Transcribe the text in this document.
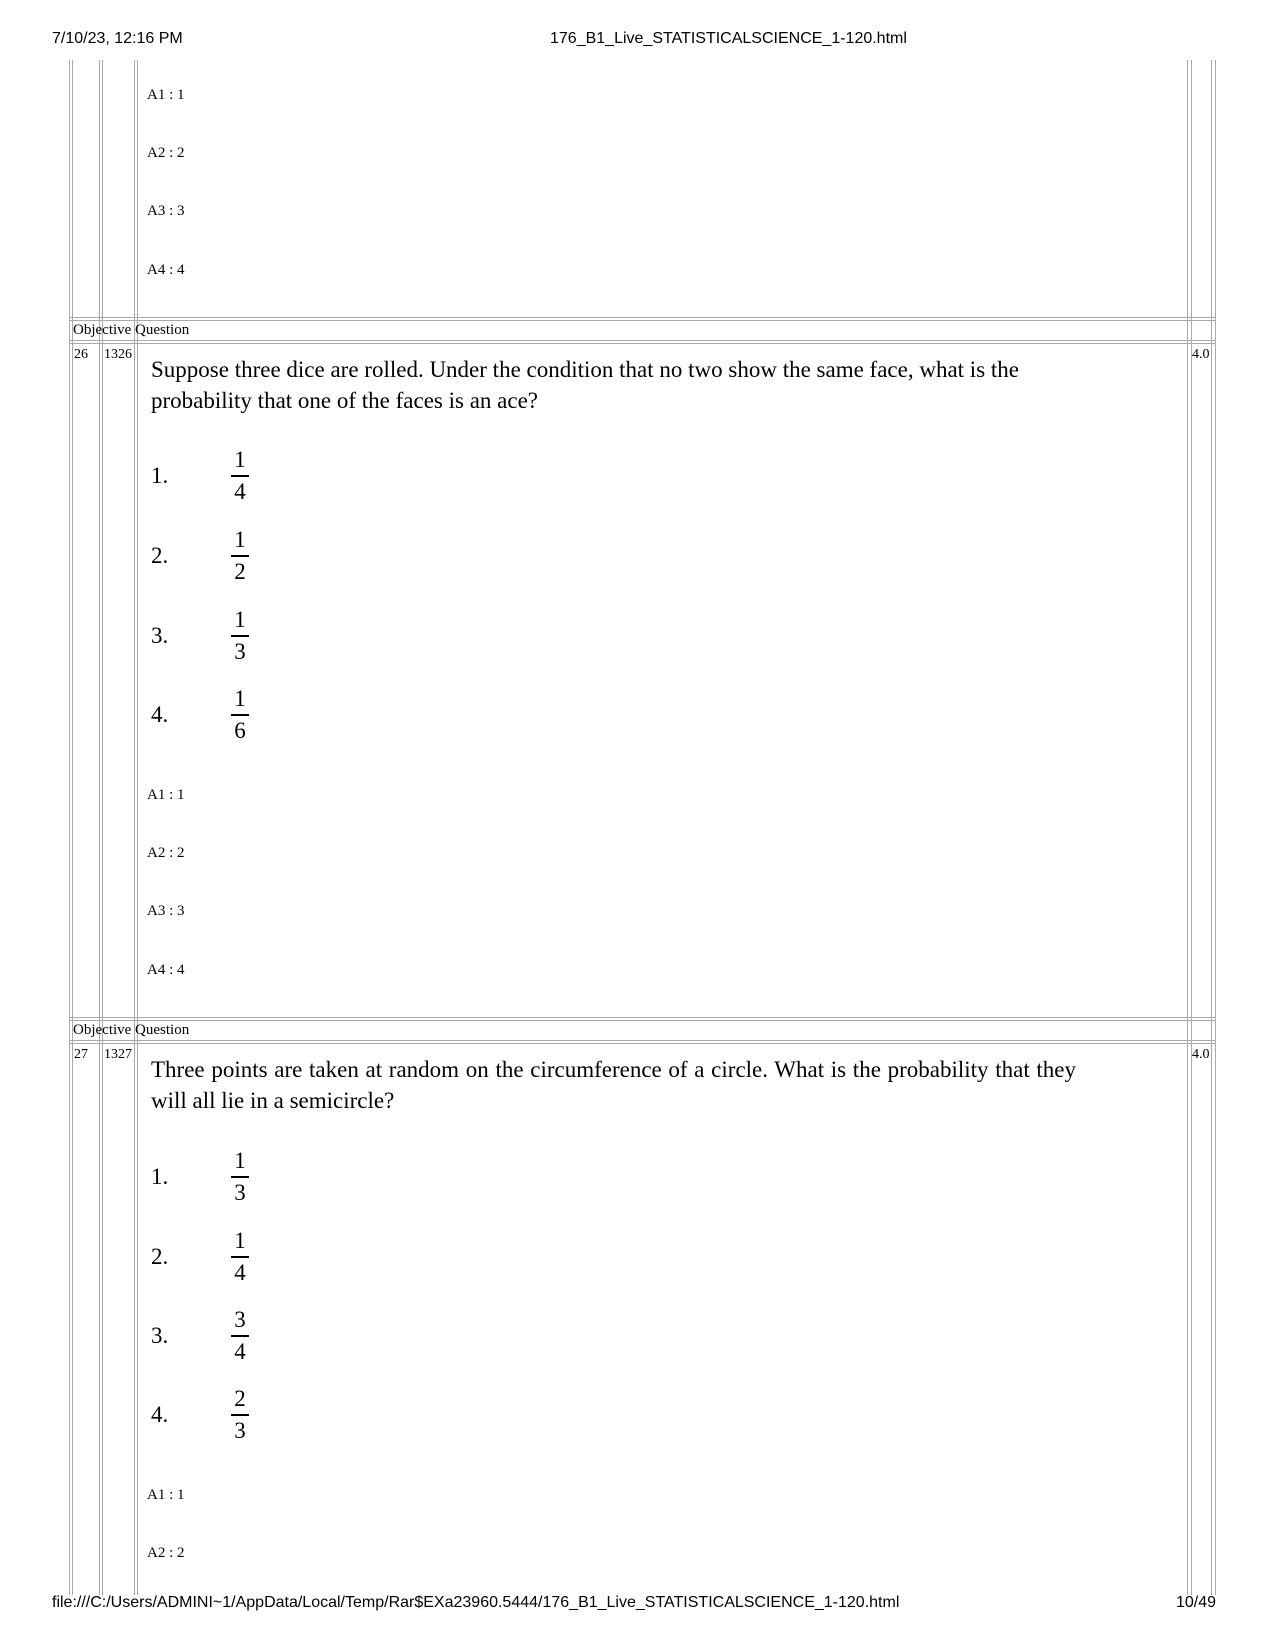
7/10/23, 12:16 PM	176_B1_Live_STATISTICALSCIENCE_1-120.html
A1 : 1
A2 : 2
A3 : 3
A4 : 4
Objective Question
26 1326	4.0
Suppose three dice are rolled. Under the condition that no two show the same face, what is the probability that one of the faces is an ace?
1.
1
4
2.
1
2
3.
1
3
4.
1
6
A1 : 1
A2 : 2
A3 : 3
A4 : 4
Objective Question
27 1327	4.0
Three points are taken at random on the circumference of a circle. What is the probability that they will all lie in a semicircle?
1.
1
3
2.
1
4
3.
3
4
4.
2
3
A1 : 1
A2 : 2
file:///C:/Users/ADMINI~1/AppData/Local/Temp/Rar$EXa23960.5444/176_B1_Live_STATISTICALSCIENCE_1-120.html	10/49
